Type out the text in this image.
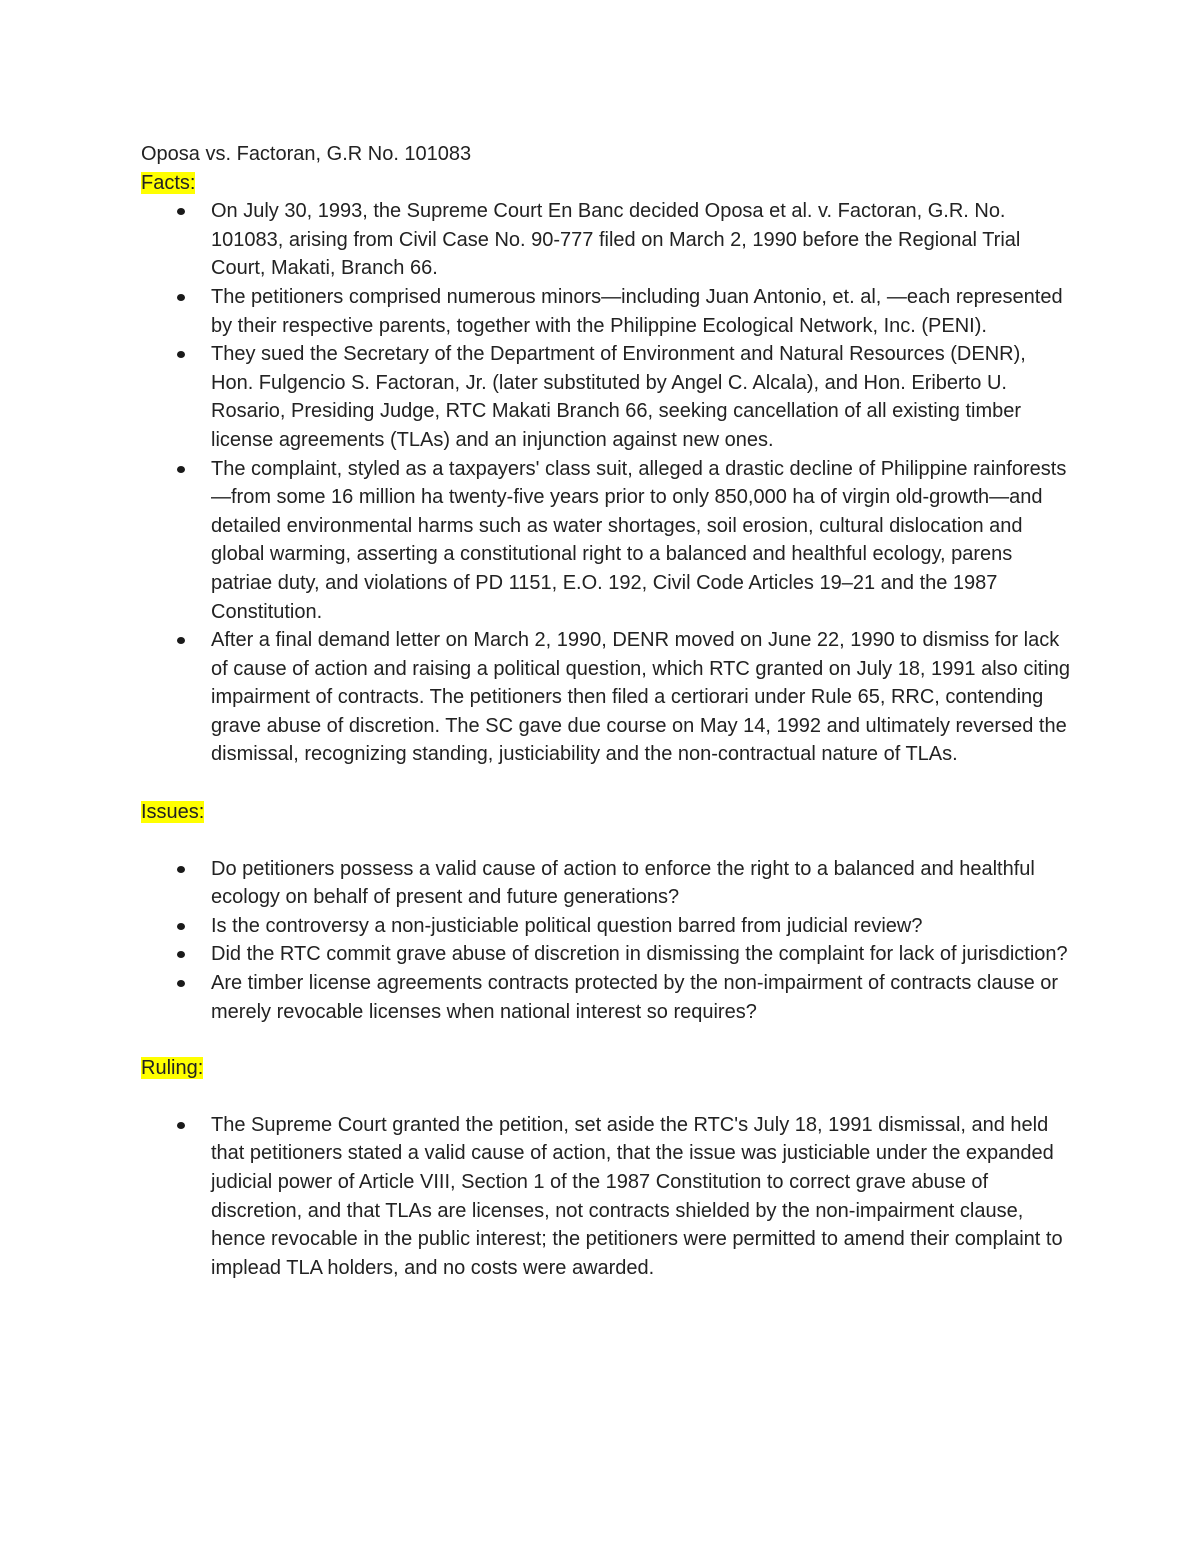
Oposa vs. Factoran, G.R No. 101083
Facts:
On July 30, 1993, the Supreme Court En Banc decided Oposa et al. v. Factoran, G.R. No. 101083, arising from Civil Case No. 90-777 filed on March 2, 1990 before the Regional Trial Court, Makati, Branch 66.
The petitioners comprised numerous minors—including Juan Antonio, et. al, —each represented by their respective parents, together with the Philippine Ecological Network, Inc. (PENI).
They sued the Secretary of the Department of Environment and Natural Resources (DENR), Hon. Fulgencio S. Factoran, Jr. (later substituted by Angel C. Alcala), and Hon. Eriberto U. Rosario, Presiding Judge, RTC Makati Branch 66, seeking cancellation of all existing timber license agreements (TLAs) and an injunction against new ones.
The complaint, styled as a taxpayers' class suit, alleged a drastic decline of Philippine rainforests—from some 16 million ha twenty-five years prior to only 850,000 ha of virgin old-growth—and detailed environmental harms such as water shortages, soil erosion, cultural dislocation and global warming, asserting a constitutional right to a balanced and healthful ecology, parens patriae duty, and violations of PD 1151, E.O. 192, Civil Code Articles 19–21 and the 1987 Constitution.
After a final demand letter on March 2, 1990, DENR moved on June 22, 1990 to dismiss for lack of cause of action and raising a political question, which RTC granted on July 18, 1991 also citing impairment of contracts. The petitioners then filed a certiorari under Rule 65, RRC, contending grave abuse of discretion. The SC gave due course on May 14, 1992 and ultimately reversed the dismissal, recognizing standing, justiciability and the non-contractual nature of TLAs.
Issues:
Do petitioners possess a valid cause of action to enforce the right to a balanced and healthful ecology on behalf of present and future generations?
Is the controversy a non-justiciable political question barred from judicial review?
Did the RTC commit grave abuse of discretion in dismissing the complaint for lack of jurisdiction?
Are timber license agreements contracts protected by the non-impairment of contracts clause or merely revocable licenses when national interest so requires?
Ruling:
The Supreme Court granted the petition, set aside the RTC's July 18, 1991 dismissal, and held that petitioners stated a valid cause of action, that the issue was justiciable under the expanded judicial power of Article VIII, Section 1 of the 1987 Constitution to correct grave abuse of discretion, and that TLAs are licenses, not contracts shielded by the non-impairment clause, hence revocable in the public interest; the petitioners were permitted to amend their complaint to implead TLA holders, and no costs were awarded.
